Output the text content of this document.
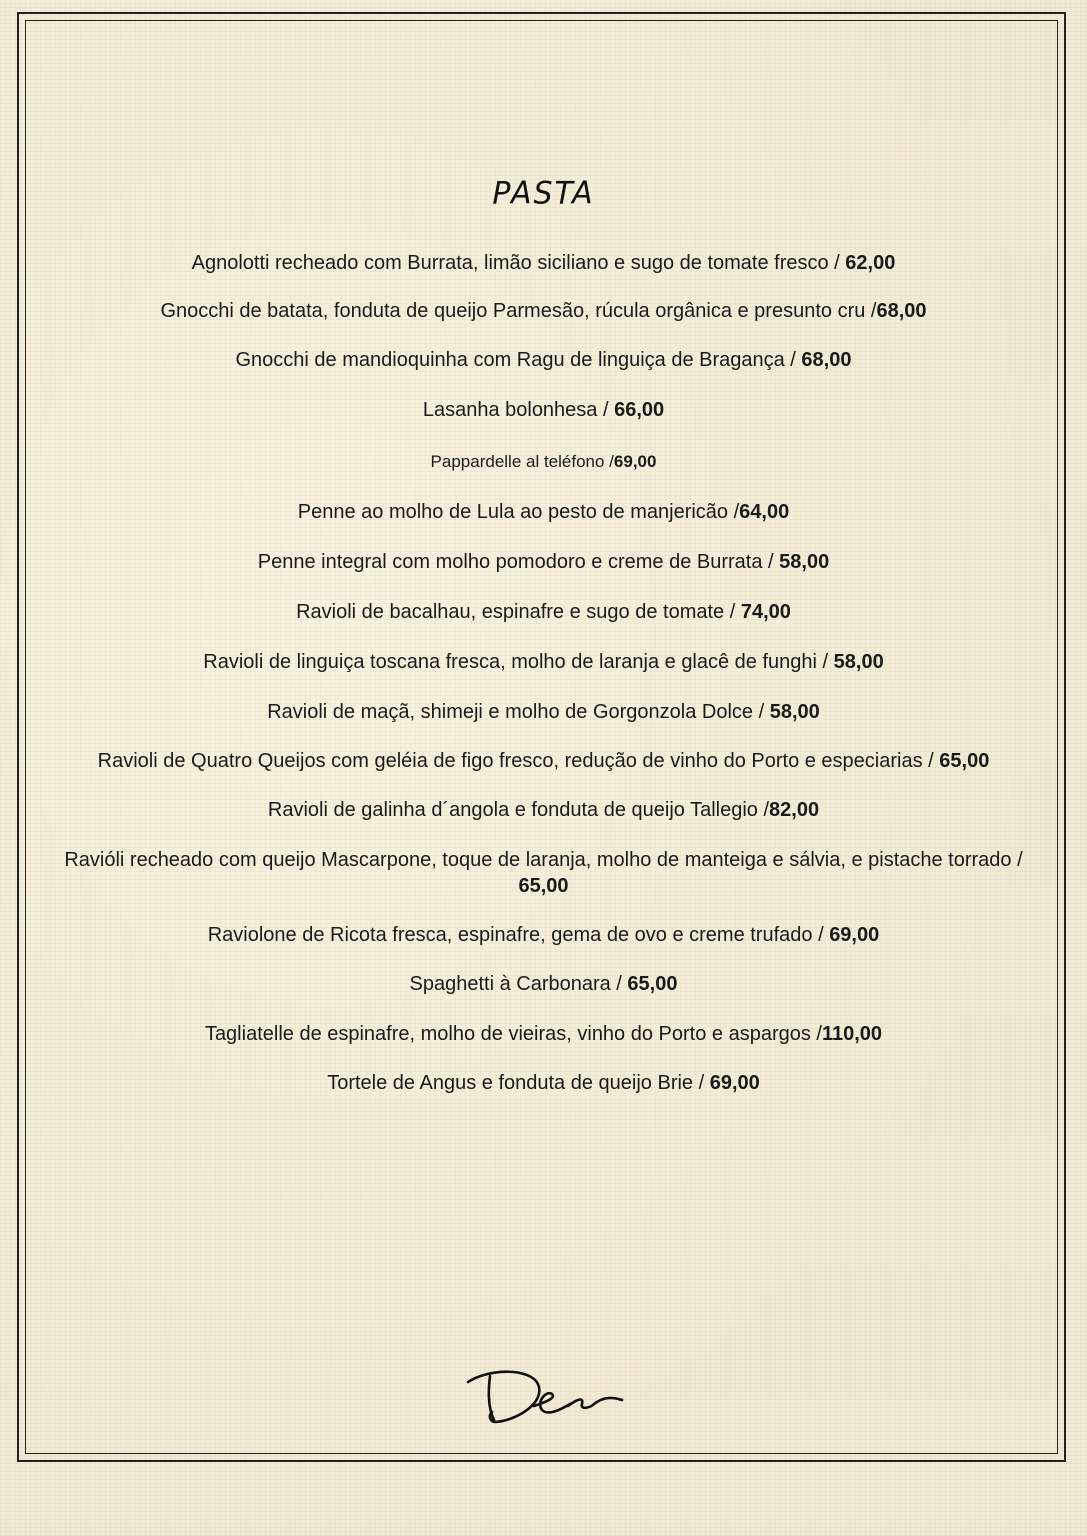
PASTA
Agnolotti recheado com Burrata, limão siciliano e sugo de tomate fresco / 62,00
Gnocchi de batata, fonduta de queijo Parmesão, rúcula orgânica e presunto cru /68,00
Gnocchi de mandioquinha com Ragu de linguiça de Bragança / 68,00
Lasanha bolonhesa / 66,00
Pappardelle al teléfono /69,00
Penne ao molho de Lula ao pesto de manjericão /64,00
Penne integral com molho pomodoro e creme de Burrata / 58,00
Ravioli de bacalhau, espinafre e sugo de tomate / 74,00
Ravioli de linguiça toscana fresca, molho de laranja e glacê de funghi / 58,00
Ravioli de maçã, shimeji e molho de Gorgonzola Dolce / 58,00
Ravioli de Quatro Queijos com geléia de figo fresco, redução de vinho do Porto e especiarias / 65,00
Ravioli de galinha d´angola e fonduta de queijo Tallegio /82,00
Ravióli recheado com queijo Mascarpone, toque de laranja, molho de manteiga e sálvia, e pistache torrado / 65,00
Raviolone de Ricota fresca, espinafre, gema de ovo e creme trufado / 69,00
Spaghetti à Carbonara / 65,00
Tagliatelle de espinafre, molho de vieiras, vinho do Porto e aspargos /110,00
Tortele de Angus e fonduta de queijo Brie / 69,00
